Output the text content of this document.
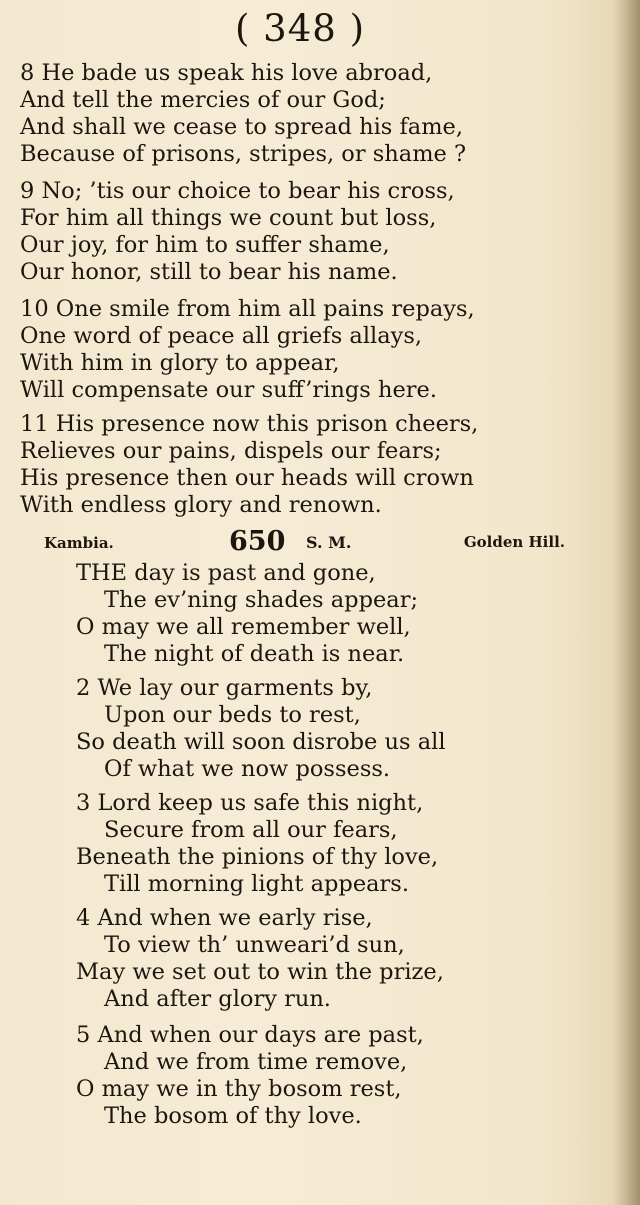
( 348 )
8 He bade us speak his love abroad,
And tell the mercies of our God;
And shall we cease to spread his fame,
Because of prisons, stripes, or shame ?
9 No; ’tis our choice to bear his cross,
For him all things we count but loss,
Our joy, for him to suffer shame,
Our honor, still to bear his name.
10 One smile from him all pains repays,
One word of peace all griefs allays,
With him in glory to appear,
Will compensate our suff’rings here.
11 His presence now this prison cheers,
Relieves our pains, dispels our fears;
His presence then our heads will crown
With endless glory and renown.
Kambia.	650 S. M.	Golden Hill.
THE day is past and gone,
The ev’ning shades appear;
O may we all remember well,
The night of death is near.
2 We lay our garments by,
Upon our beds to rest,
So death will soon disrobe us all
Of what we now possess.
3 Lord keep us safe this night,
Secure from all our fears,
Beneath the pinions of thy love,
Till morning light appears.
4 And when we early rise,
To view th’ unweari’d sun,
May we set out to win the prize,
And after glory run.
5 And when our days are past,
And we from time remove,
O may we in thy bosom rest,
The bosom of thy love.
